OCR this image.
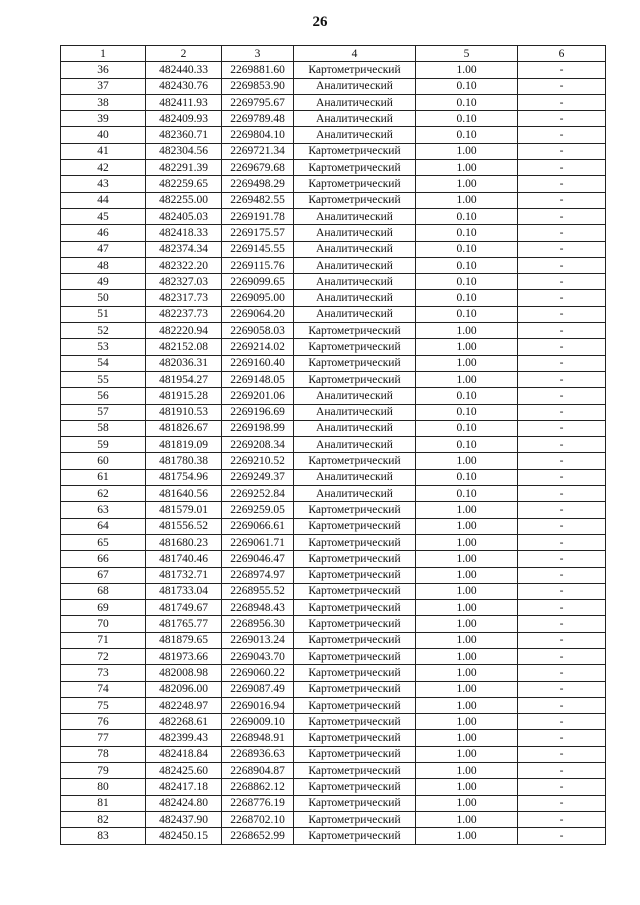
26
1	2	3	4	5	6
36	482440.33	2269881.60	Картометрический	1.00	-
37	482430.76	2269853.90	Аналитический	0.10	-
38	482411.93	2269795.67	Аналитический	0.10	-
39	482409.93	2269789.48	Аналитический	0.10	-
40	482360.71	2269804.10	Аналитический	0.10	-
41	482304.56	2269721.34	Картометрический	1.00	-
42	482291.39	2269679.68	Картометрический	1.00	-
43	482259.65	2269498.29	Картометрический	1.00	-
44	482255.00	2269482.55	Картометрический	1.00	-
45	482405.03	2269191.78	Аналитический	0.10	-
46	482418.33	2269175.57	Аналитический	0.10	-
47	482374.34	2269145.55	Аналитический	0.10	-
48	482322.20	2269115.76	Аналитический	0.10	-
49	482327.03	2269099.65	Аналитический	0.10	-
50	482317.73	2269095.00	Аналитический	0.10	-
51	482237.73	2269064.20	Аналитический	0.10	-
52	482220.94	2269058.03	Картометрический	1.00	-
53	482152.08	2269214.02	Картометрический	1.00	-
54	482036.31	2269160.40	Картометрический	1.00	-
55	481954.27	2269148.05	Картометрический	1.00	-
56	481915.28	2269201.06	Аналитический	0.10	-
57	481910.53	2269196.69	Аналитический	0.10	-
58	481826.67	2269198.99	Аналитический	0.10	-
59	481819.09	2269208.34	Аналитический	0.10	-
60	481780.38	2269210.52	Картометрический	1.00	-
61	481754.96	2269249.37	Аналитический	0.10	-
62	481640.56	2269252.84	Аналитический	0.10	-
63	481579.01	2269259.05	Картометрический	1.00	-
64	481556.52	2269066.61	Картометрический	1.00	-
65	481680.23	2269061.71	Картометрический	1.00	-
66	481740.46	2269046.47	Картометрический	1.00	-
67	481732.71	2268974.97	Картометрический	1.00	-
68	481733.04	2268955.52	Картометрический	1.00	-
69	481749.67	2268948.43	Картометрический	1.00	-
70	481765.77	2268956.30	Картометрический	1.00	-
71	481879.65	2269013.24	Картометрический	1.00	-
72	481973.66	2269043.70	Картометрический	1.00	-
73	482008.98	2269060.22	Картометрический	1.00	-
74	482096.00	2269087.49	Картометрический	1.00	-
75	482248.97	2269016.94	Картометрический	1.00	-
76	482268.61	2269009.10	Картометрический	1.00	-
77	482399.43	2268948.91	Картометрический	1.00	-
78	482418.84	2268936.63	Картометрический	1.00	-
79	482425.60	2268904.87	Картометрический	1.00	-
80	482417.18	2268862.12	Картометрический	1.00	-
81	482424.80	2268776.19	Картометрический	1.00	-
82	482437.90	2268702.10	Картометрический	1.00	-
83	482450.15	2268652.99	Картометрический	1.00	-
